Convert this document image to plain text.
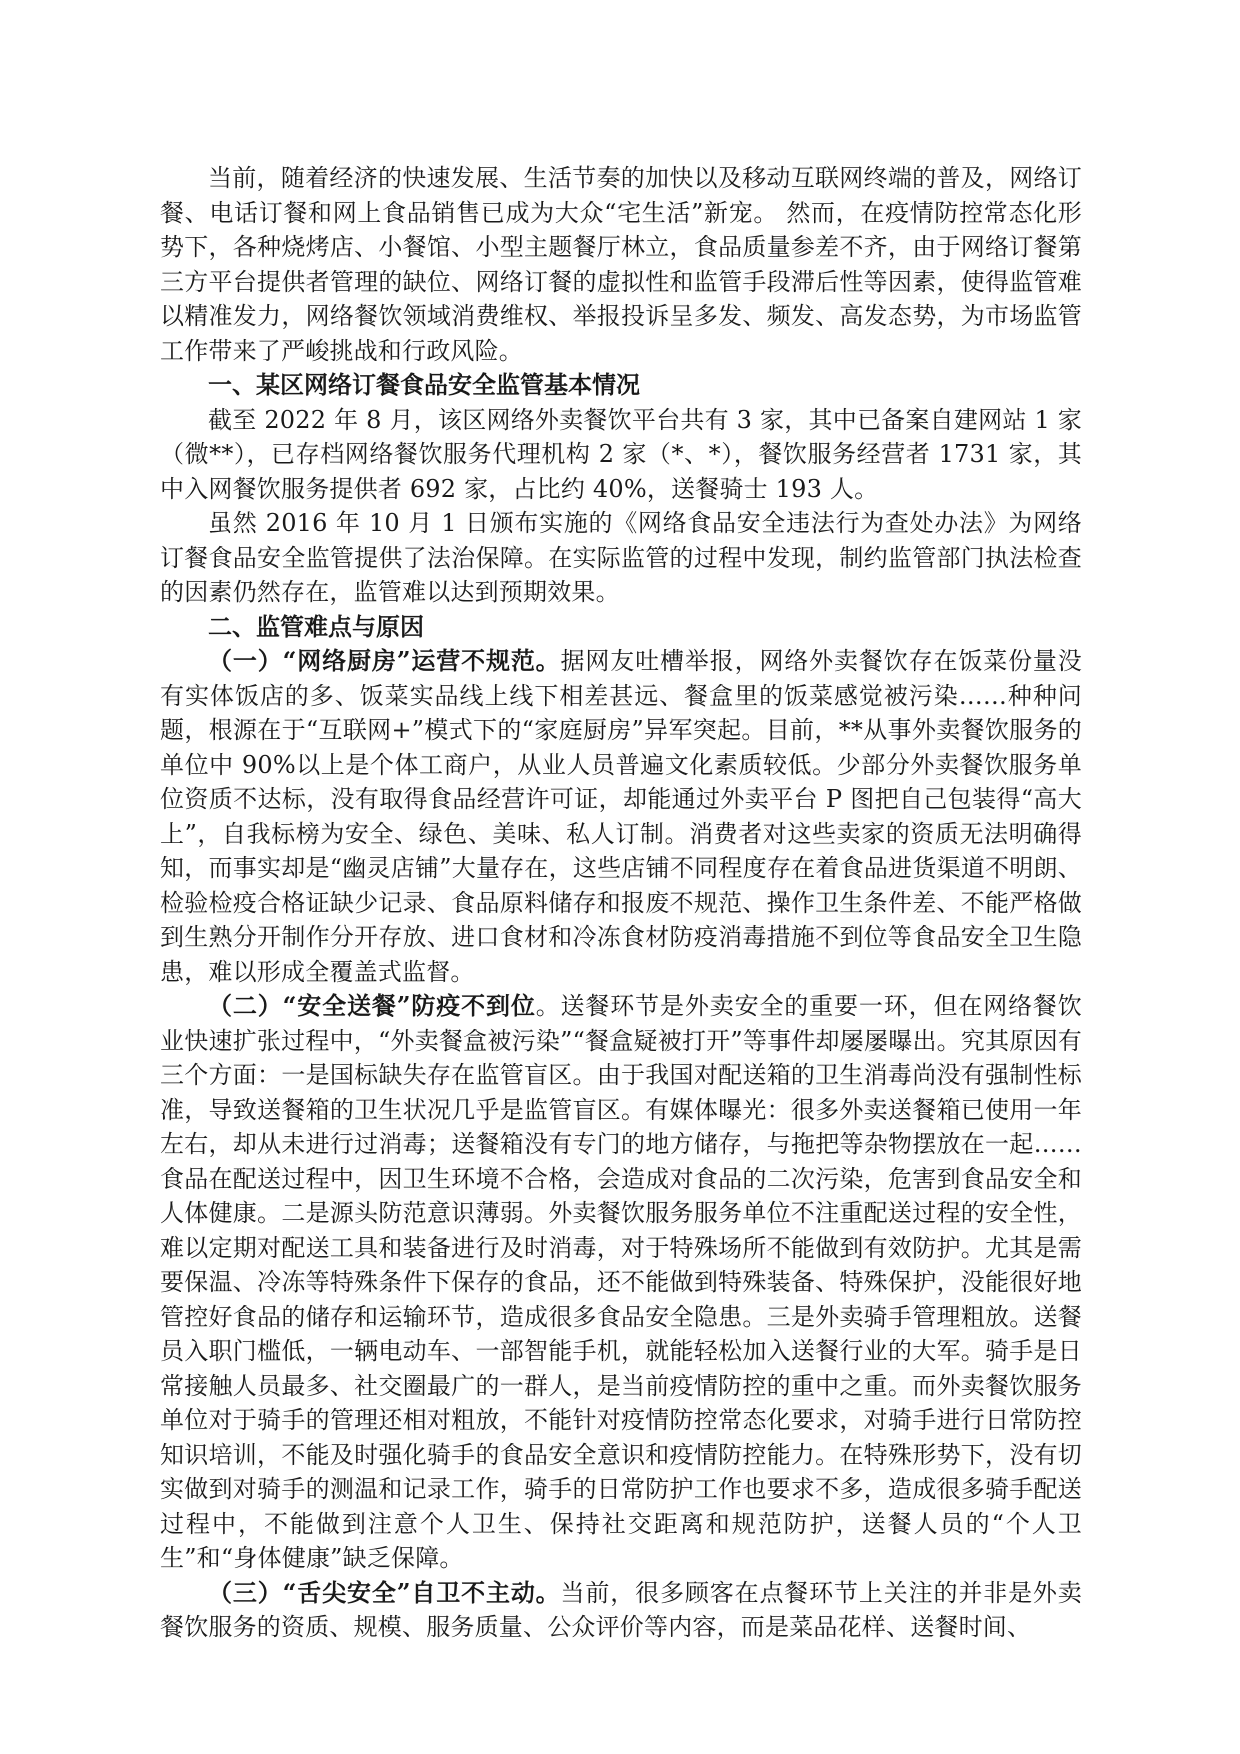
当前，随着经济的快速发展、生活节奏的加快以及移动互联网终端的普及，网络订餐、电话订餐和网上食品销售已成为大众“宅生活”新宠。 然而，在疫情防控常态化形势下，各种烧烤店、小餐馆、小型主题餐厅林立，食品质量参差不齐，由于网络订餐第三方平台提供者管理的缺位、网络订餐的虚拟性和监管手段滞后性等因素，使得监管难以精准发力，网络餐饮领域消费维权、举报投诉呈多发、频发、高发态势，为市场监管工作带来了严峻挑战和行政风险。

一、某区网络订餐食品安全监管基本情况

截至 2022 年 8 月，该区网络外卖餐饮平台共有 3 家，其中已备案自建网站 1 家（微**），已存档网络餐饮服务代理机构 2 家（*、*），餐饮服务经营者 1731 家，其中入网餐饮服务提供者 692 家，占比约 40%，送餐骑士 193 人。

虽然 2016 年 10 月 1 日颁布实施的《网络食品安全违法行为查处办法》为网络订餐食品安全监管提供了法治保障。在实际监管的过程中发现，制约监管部门执法检查的因素仍然存在，监管难以达到预期效果。

二、监管难点与原因

（一）“网络厨房”运营不规范。据网友吐槽举报，网络外卖餐饮存在饭菜份量没有实体饭店的多、饭菜实品线上线下相差甚远、餐盒里的饭菜感觉被污染……种种问题，根源在于“互联网+”模式下的“家庭厨房”异军突起。目前，**从事外卖餐饮服务的单位中 90%以上是个体工商户，从业人员普遍文化素质较低。少部分外卖餐饮服务单位资质不达标，没有取得食品经营许可证，却能通过外卖平台 P 图把自己包装得“高大上”，自我标榜为安全、绿色、美味、私人订制。消费者对这些卖家的资质无法明确得知，而事实却是“幽灵店铺”大量存在，这些店铺不同程度存在着食品进货渠道不明朗、检验检疫合格证缺少记录、食品原料储存和报废不规范、操作卫生条件差、不能严格做到生熟分开制作分开存放、进口食材和冷冻食材防疫消毒措施不到位等食品安全卫生隐患，难以形成全覆盖式监督。

（二）“安全送餐”防疫不到位。送餐环节是外卖安全的重要一环，但在网络餐饮业快速扩张过程中，“外卖餐盒被污染”“餐盒疑被打开”等事件却屡屡曝出。究其原因有三个方面：一是国标缺失存在监管盲区。由于我国对配送箱的卫生消毒尚没有强制性标准，导致送餐箱的卫生状况几乎是监管盲区。有媒体曝光：很多外卖送餐箱已使用一年左右，却从未进行过消毒；送餐箱没有专门的地方储存，与拖把等杂物摆放在一起……食品在配送过程中，因卫生环境不合格，会造成对食品的二次污染，危害到食品安全和人体健康。二是源头防范意识薄弱。外卖餐饮服务服务单位不注重配送过程的安全性，难以定期对配送工具和装备进行及时消毒，对于特殊场所不能做到有效防护。尤其是需要保温、冷冻等特殊条件下保存的食品，还不能做到特殊装备、特殊保护，没能很好地管控好食品的储存和运输环节，造成很多食品安全隐患。三是外卖骑手管理粗放。送餐员入职门槛低，一辆电动车、一部智能手机，就能轻松加入送餐行业的大军。骑手是日常接触人员最多、社交圈最广的一群人，是当前疫情防控的重中之重。而外卖餐饮服务单位对于骑手的管理还相对粗放，不能针对疫情防控常态化要求，对骑手进行日常防控知识培训，不能及时强化骑手的食品安全意识和疫情防控能力。在特殊形势下，没有切实做到对骑手的测温和记录工作，骑手的日常防护工作也要求不多，造成很多骑手配送过程中，不能做到注意个人卫生、保持社交距离和规范防护，送餐人员的“个人卫生”和“身体健康”缺乏保障。

（三）“舌尖安全”自卫不主动。当前，很多顾客在点餐环节上关注的并非是外卖餐饮服务的资质、规模、服务质量、公众评价等内容，而是菜品花样、送餐时间、
